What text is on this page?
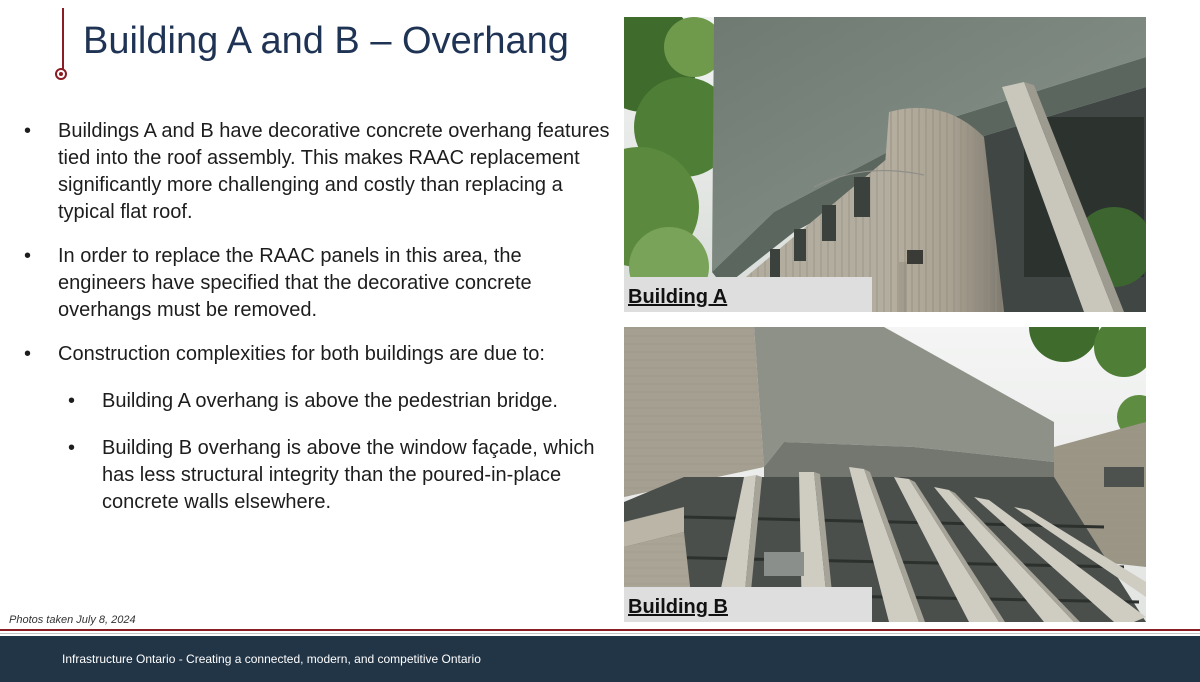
Building A and B – Overhang

• Buildings A and B have decorative concrete overhang features tied into the roof assembly. This makes RAAC replacement significantly more challenging and costly than replacing a typical flat roof.

• In order to replace the RAAC panels in this area, the engineers have specified that the decorative concrete overhangs must be removed.

• Construction complexities for both buildings are due to:

• Building A overhang is above the pedestrian bridge.

• Building B overhang is above the window façade, which has less structural integrity than the poured-in-place concrete walls elsewhere.

Photos taken July 8, 2024
Building A
Building B
Infrastructure Ontario - Creating a connected, modern, and competitive Ontario
